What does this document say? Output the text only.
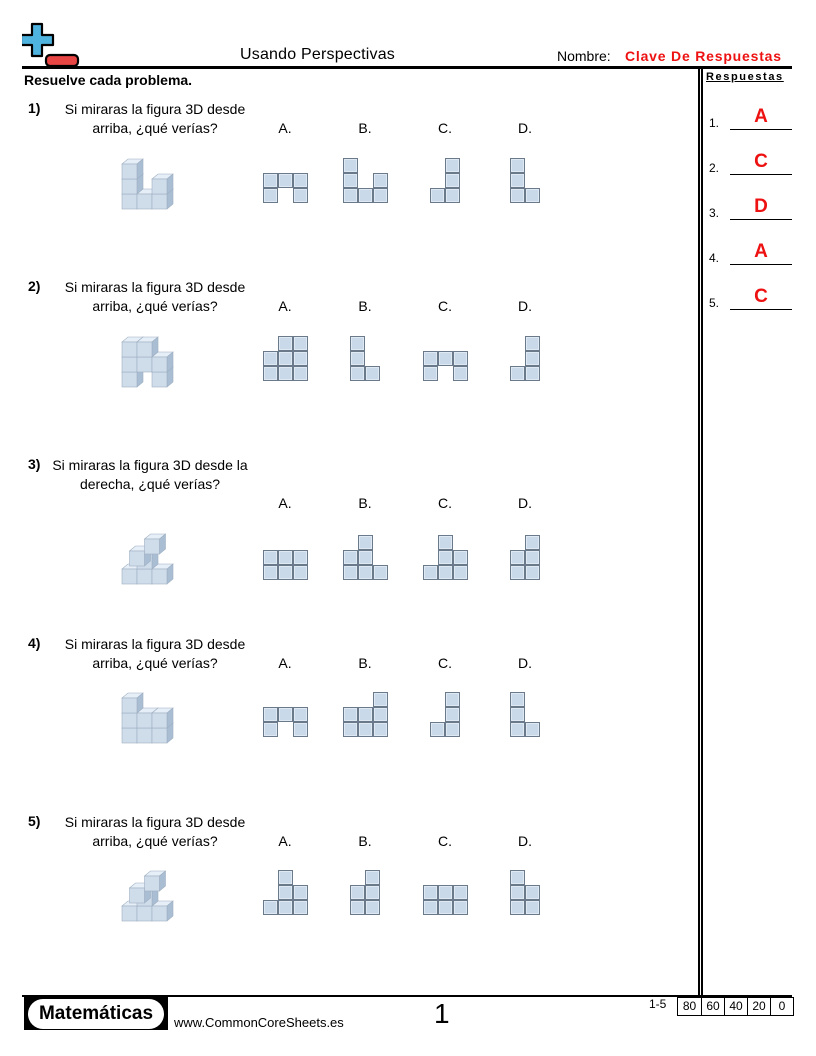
Usando Perspectivas	Nombre: Clave De Respuestas
Resuelve cada problema.	Respuestas
1.	A
2.	C
3.	D
4.	A
5.	C
1)	Si miraras la figura 3D desde arriba, ¿qué verías?	A.	B.	C.	D.
2)	Si miraras la figura 3D desde arriba, ¿qué verías?	A.	B.	C.	D.
3) Si miraras la figura 3D desde la derecha, ¿qué verías?
A.	B.	C.	D.
4)	Si miraras la figura 3D desde arriba, ¿qué verías?	A.	B.	C.	D.
5)	Si miraras la figura 3D desde arriba, ¿qué verías?	A.	B.	C.	D.
Matemáticas	www.CommonCoreSheets.es	1	1-5	80 60 40 20	0
